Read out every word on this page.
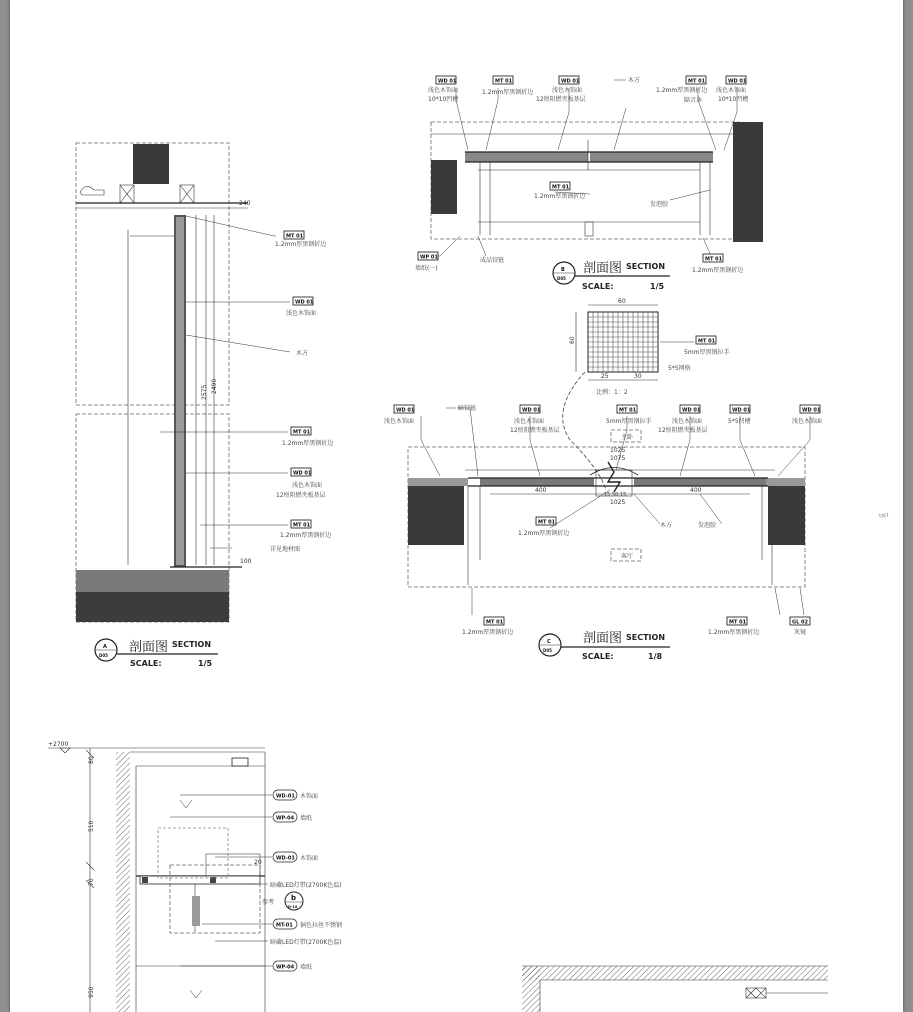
240
2575 2490
100
MT 01
1.2mm厚黑钢折边
WD 01
浅色木饰面
木方
MT 01
1.2mm厚黑钢折边
WD 01
浅色木饰面
12厘阻燃夹板基层
MT 01
1.2mm厚黑钢折边
详见地材图
A
D05
剖面图 SECTION
SCALE:	1/5
WD 01
浅色木饰面
10*10凹槽
MT 01
1.2mm厚黑钢折边
WD 01
浅色木饰面
12厘阻燃夹板基层
木方	MT 01
1.2mm厚黑钢折边
隔音条
WD 01
浅色木饰面
10*10凹槽
MT 01
1.2mm厚黑钢折边
发泡胶
WP 01
墙纸(一)
成品铰链	MT 01
1.2mm厚黑钢折边
B
D05
剖面图 SECTION
SCALE:	1/5
60
60
25	30
MT 01
5mm厚黑钢拉手
5*5网格
比例：1：2
主卧
客厅
400
1025
1075
400
1025
15 50 15
WD 01
浅色木饰面
暗铰链	WD 01
浅色木饰面
12厘阻燃夹板基层
MT 01
5mm厚黑钢拉手
WD 01
浅色木饰面
12厘阻燃夹板基层
WD 01
5*5凹槽
WD 01
浅色木饰面
MT 01
1.2mm厚黑钢折边
木方	发泡胶
MT 01
1.2mm厚黑钢折边
MT 01
1.2mm厚黑钢折边
GL 02
灰镜
C
D05
剖面图 SECTION
SCALE:	1/8
大样7
+2700
80
510
70
950
20
WD-01 木饰面
WP-04 墙纸
WD-01 木饰面
暗藏LED灯带(2700K色温)
参考
b
D-10
MT-01 铜色拉丝不锈钢
暗藏LED灯带(2700K色温)
WP-04 墙纸
